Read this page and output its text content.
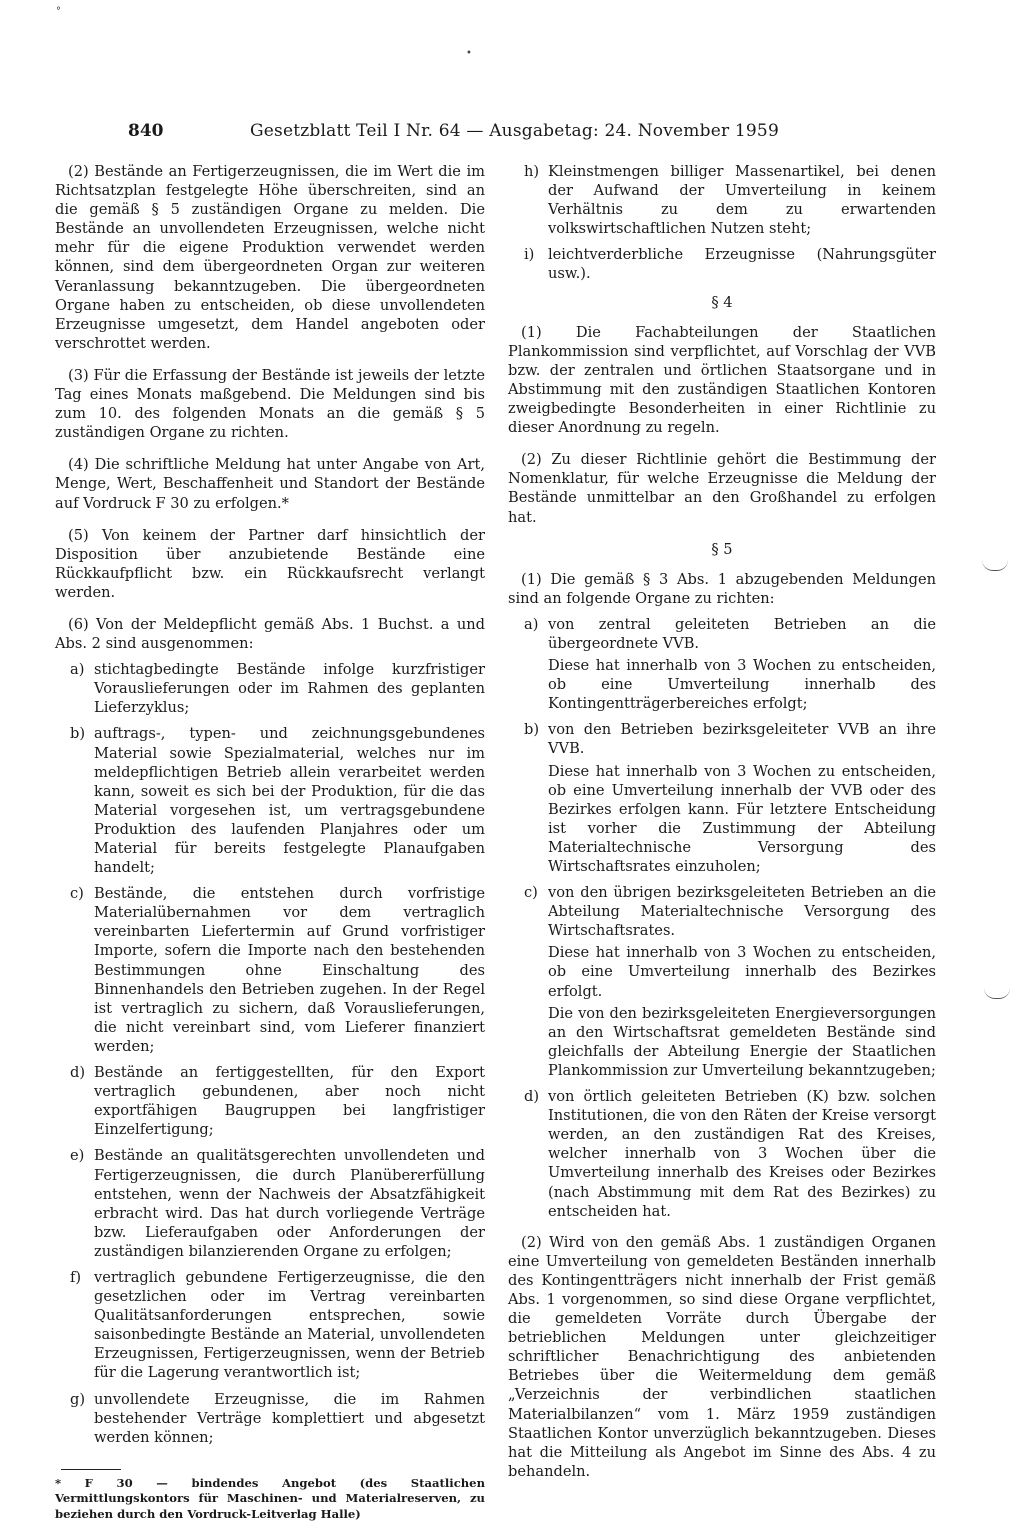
°
•
840	Gesetzblatt Teil I Nr. 64 — Ausgabetag: 24. November 1959

(2) Bestände an Fertigerzeugnissen, die im Wert die im Richtsatzplan festgelegte Höhe überschreiten, sind an die gemäß § 5 zuständigen Organe zu melden. Die Bestände an unvollendeten Erzeugnissen, welche nicht mehr für die eigene Produktion verwendet werden können, sind dem übergeordneten Organ zur weiteren Veranlassung bekanntzugeben. Die übergeordneten Organe haben zu entscheiden, ob diese unvollendeten Erzeugnisse umgesetzt, dem Handel angeboten oder verschrottet werden.

(3) Für die Erfassung der Bestände ist jeweils der letzte Tag eines Monats maßgebend. Die Meldungen sind bis zum 10. des folgenden Monats an die gemäß § 5 zuständigen Organe zu richten.

(4) Die schriftliche Meldung hat unter Angabe von Art, Menge, Wert, Beschaffenheit und Standort der Bestände auf Vordruck F 30 zu erfolgen.*

(5) Von keinem der Partner darf hinsichtlich der Disposition über anzubietende Bestände eine Rückkaufpflicht bzw. ein Rückkaufsrecht verlangt werden.

(6) Von der Meldepflicht gemäß Abs. 1 Buchst. a und Abs. 2 sind ausgenommen:

a) stichtagbedingte Bestände infolge kurzfristiger Vorauslieferungen oder im Rahmen des geplanten Lieferzyklus;
b) auftrags-, typen- und zeichnungsgebundenes Material sowie Spezialmaterial, welches nur im meldepflichtigen Betrieb allein verarbeitet werden kann, soweit es sich bei der Produktion, für die das Material vorgesehen ist, um vertragsgebundene Produktion des laufenden Planjahres oder um Material für bereits festgelegte Planaufgaben handelt;
c) Bestände, die entstehen durch vorfristige Materialübernahmen vor dem vertraglich vereinbarten Liefertermin auf Grund vorfristiger Importe, sofern die Importe nach den bestehenden Bestimmungen ohne Einschaltung des Binnenhandels den Betrieben zugehen. In der Regel ist vertraglich zu sichern, daß Vorauslieferungen, die nicht vereinbart sind, vom Lieferer finanziert werden;
d) Bestände an fertiggestellten, für den Export vertraglich gebundenen, aber noch nicht exportfähigen Baugruppen bei langfristiger Einzelfertigung;
e) Bestände an qualitätsgerechten unvollendeten und Fertigerzeugnissen, die durch Planübererfüllung entstehen, wenn der Nachweis der Absatzfähigkeit erbracht wird. Das hat durch vorliegende Verträge bzw. Lieferaufgaben oder Anforderungen der zuständigen bilanzierenden Organe zu erfolgen;
f) vertraglich gebundene Fertigerzeugnisse, die den gesetzlichen oder im Vertrag vereinbarten Qualitätsanforderungen entsprechen, sowie saisonbedingte Bestände an Material, unvollendeten Erzeugnissen, Fertigerzeugnissen, wenn der Betrieb für die Lagerung verantwortlich ist;
g) unvollendete Erzeugnisse, die im Rahmen bestehender Verträge komplettiert und abgesetzt werden können;
* F 30 — bindendes Angebot (des Staatlichen Vermittlungskontors für Maschinen- und Materialreserven, zu beziehen durch den Vordruck-Leitverlag Halle)
h) Kleinstmengen billiger Massenartikel, bei denen der Aufwand der Umverteilung in keinem Verhältnis zu dem zu erwartenden volkswirtschaftlichen Nutzen steht;
i) leichtverderbliche Erzeugnisse (Nahrungsgüter usw.).
§ 4

(1) Die Fachabteilungen der Staatlichen Plankommission sind verpflichtet, auf Vorschlag der VVB bzw. der zentralen und örtlichen Staatsorgane und in Abstimmung mit den zuständigen Staatlichen Kontoren zweigbedingte Besonderheiten in einer Richtlinie zu dieser Anordnung zu regeln.

(2) Zu dieser Richtlinie gehört die Bestimmung der Nomenklatur, für welche Erzeugnisse die Meldung der Bestände unmittelbar an den Großhandel zu erfolgen hat.

§ 5

(1) Die gemäß § 3 Abs. 1 abzugebenden Meldungen sind an folgende Organe zu richten:

a) von zentral geleiteten Betrieben an die übergeordnete VVB.
Diese hat innerhalb von 3 Wochen zu entscheiden, ob eine Umverteilung innerhalb des Kontingentträgerbereiches erfolgt;
b) von den Betrieben bezirksgeleiteter VVB an ihre VVB.
Diese hat innerhalb von 3 Wochen zu entscheiden, ob eine Umverteilung innerhalb der VVB oder des Bezirkes erfolgen kann. Für letztere Entscheidung ist vorher die Zustimmung der Abteilung Materialtechnische Versorgung des Wirtschaftsrates einzuholen;
c) von den übrigen bezirksgeleiteten Betrieben an die Abteilung Materialtechnische Versorgung des Wirtschaftsrates.
Diese hat innerhalb von 3 Wochen zu entscheiden, ob eine Umverteilung innerhalb des Bezirkes erfolgt.
Die von den bezirksgeleiteten Energieversorgungen an den Wirtschaftsrat gemeldeten Bestände sind gleichfalls der Abteilung Energie der Staatlichen Plankommission zur Umverteilung bekanntzugeben;
d) von örtlich geleiteten Betrieben (K) bzw. solchen Institutionen, die von den Räten der Kreise versorgt werden, an den zuständigen Rat des Kreises, welcher innerhalb von 3 Wochen über die Umverteilung innerhalb des Kreises oder Bezirkes (nach Abstimmung mit dem Rat des Bezirkes) zu entscheiden hat.

(2) Wird von den gemäß Abs. 1 zuständigen Organen eine Umverteilung von gemeldeten Beständen innerhalb des Kontingentträgers nicht innerhalb der Frist gemäß Abs. 1 vorgenommen, so sind diese Organe verpflichtet, die gemeldeten Vorräte durch Übergabe der betrieblichen Meldungen unter gleichzeitiger schriftlicher Benachrichtigung des anbietenden Betriebes über die Weitermeldung dem gemäß „Verzeichnis der verbindlichen staatlichen Materialbilanzen“ vom 1. März 1959 zuständigen Staatlichen Kontor unverzüglich bekanntzugeben. Dieses hat die Mitteilung als Angebot im Sinne des Abs. 4 zu behandeln.
